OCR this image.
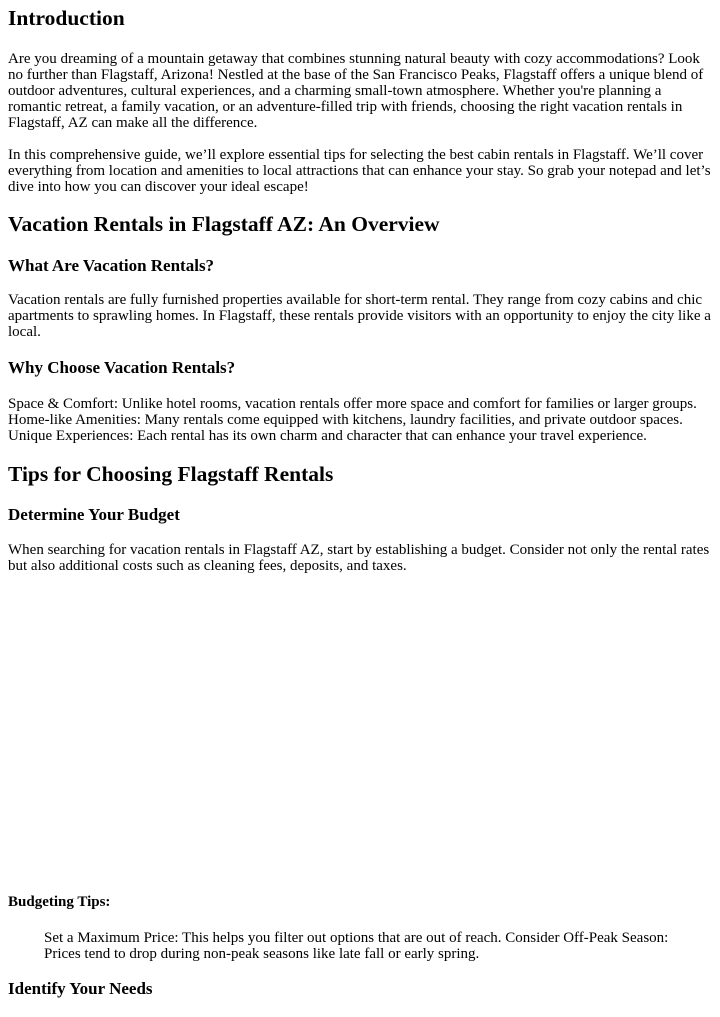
Introduction

Are you dreaming of a mountain getaway that combines stunning natural beauty with cozy accommodations? Look no further than Flagstaff, Arizona! Nestled at the base of the San Francisco Peaks, Flagstaff offers a unique blend of outdoor adventures, cultural experiences, and a charming small-town atmosphere. Whether you're planning a romantic retreat, a family vacation, or an adventure-filled trip with friends, choosing the right vacation rentals in Flagstaff, AZ can make all the difference.

In this comprehensive guide, we’ll explore essential tips for selecting the best cabin rentals in Flagstaff. We’ll cover everything from location and amenities to local attractions that can enhance your stay. So grab your notepad and let’s dive into how you can discover your ideal escape!

Vacation Rentals in Flagstaff AZ: An Overview
What Are Vacation Rentals?

Vacation rentals are fully furnished properties available for short-term rental. They range from cozy cabins and chic apartments to sprawling homes. In Flagstaff, these rentals provide visitors with an opportunity to enjoy the city like a local.

Why Choose Vacation Rentals?

Space & Comfort: Unlike hotel rooms, vacation rentals offer more space and comfort for families or larger groups. Home-like Amenities: Many rentals come equipped with kitchens, laundry facilities, and private outdoor spaces. Unique Experiences: Each rental has its own charm and character that can enhance your travel experience.

Tips for Choosing Flagstaff Rentals
Determine Your Budget

When searching for vacation rentals in Flagstaff AZ, start by establishing a budget. Consider not only the rental rates but also additional costs such as cleaning fees, deposits, and taxes.

Budgeting Tips:

Set a Maximum Price: This helps you filter out options that are out of reach. Consider Off-Peak Season: Prices tend to drop during non-peak seasons like late fall or early spring.

Identify Your Needs
